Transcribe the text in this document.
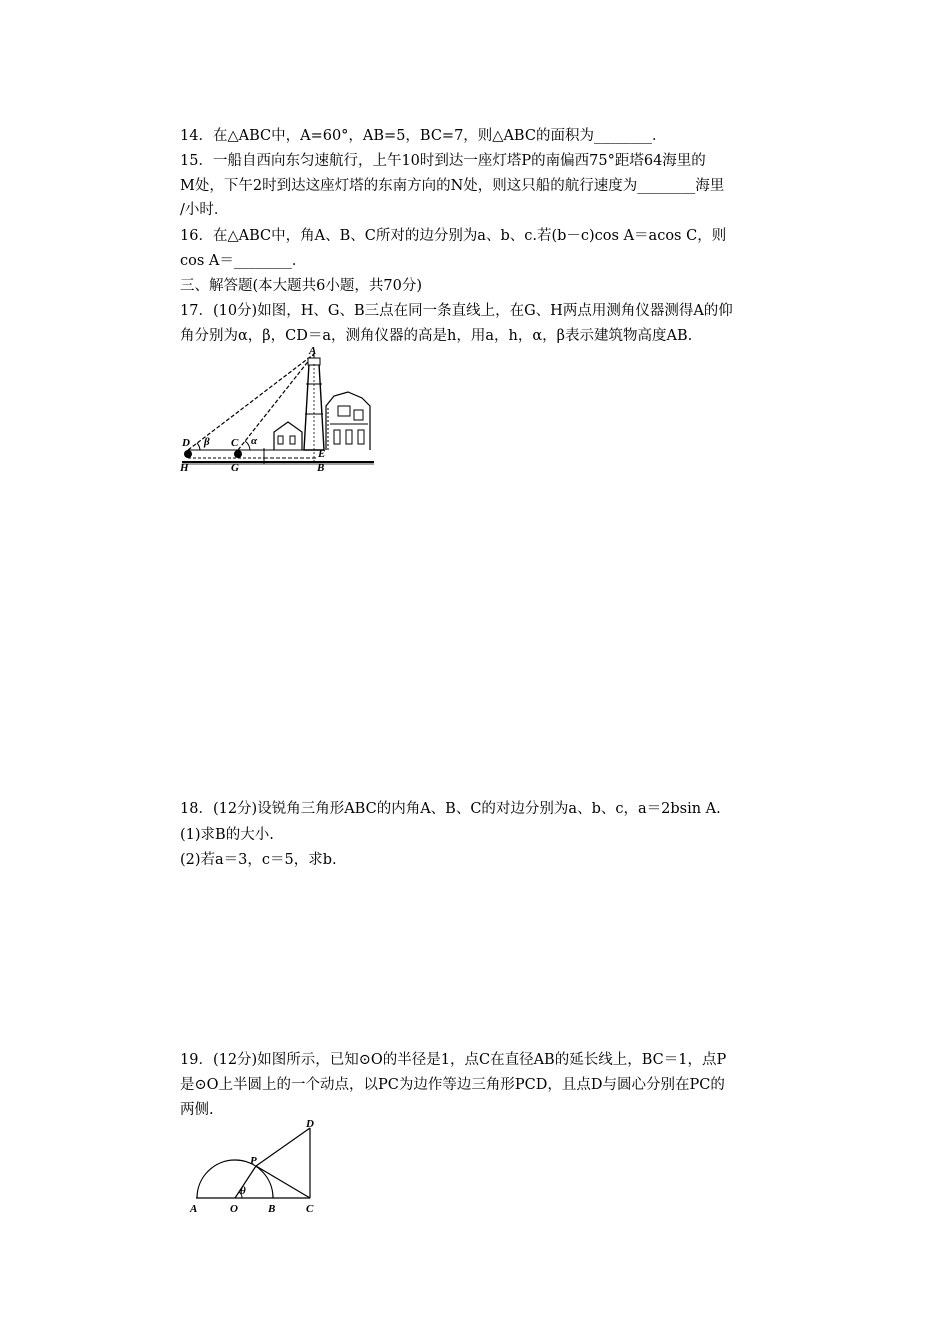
14．在△ABC中，A=60°，AB=5，BC=7，则△ABC的面积为________．
15．一船自西向东匀速航行，上午10时到达一座灯塔P的南偏西75°距塔64海里的
M处，下午2时到达这座灯塔的东南方向的N处，则这只船的航行速度为________海里
/小时．
16．在△ABC中，角A、B、C所对的边分别为a、b、c.若(b－c)cos A＝acos C，则
cos A＝________．
三、解答题(本大题共6小题，共70分)
17．(10分)如图，H、G、B三点在同一条直线上，在G、H两点用测角仪器测得A的仰
角分别为α，β，CD＝a，测角仪器的高是h，用a，h，α，β表示建筑物高度AB.
A
D	C
E
H	G	B
β	α
18．(12分)设锐角三角形ABC的内角A、B、C的对边分别为a、b、c，a＝2bsin A.
(1)求B的大小.
(2)若a＝3，c＝5，求b.
19．(12分)如图所示，已知⊙O的半径是1，点C在直径AB的延长线上，BC＝1，点P
是⊙O上半圆上的一个动点，以PC为边作等边三角形PCD，且点D与圆心分别在PC的
两侧.
A	O	B	C
P
D
θ
